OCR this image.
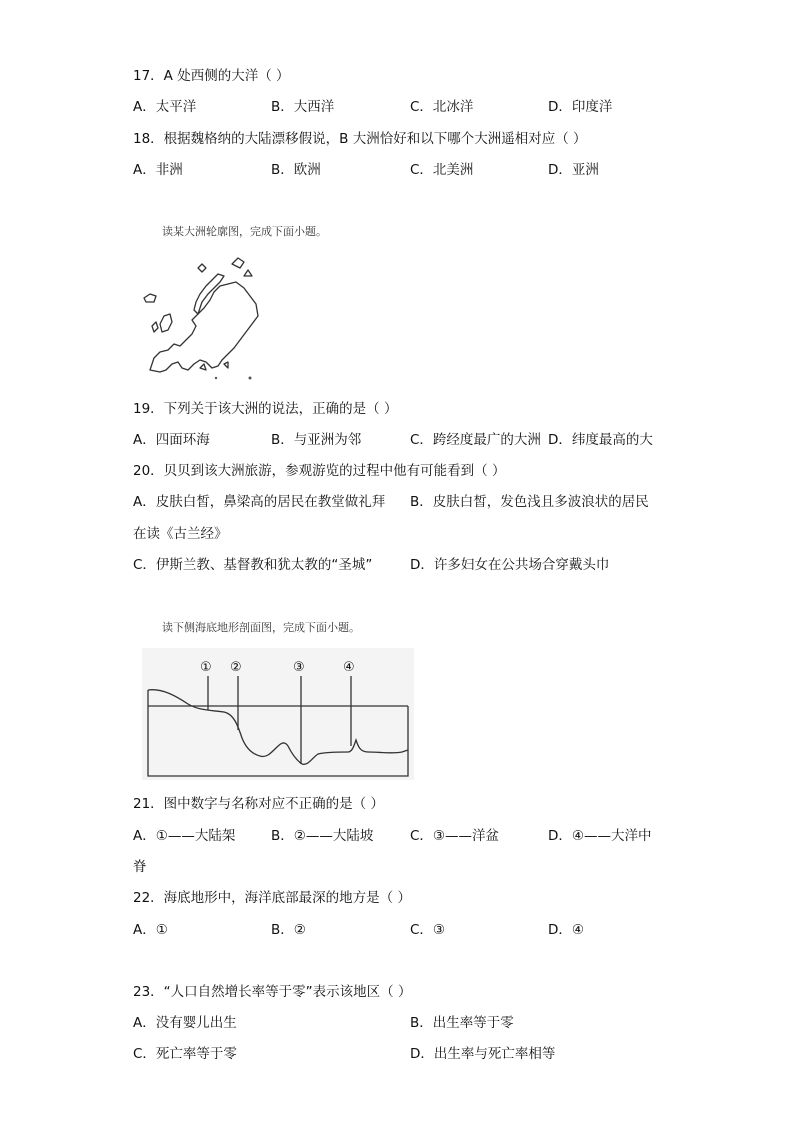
17．A 处西侧的大洋（ ）
A．太平洋	B．大西洋	C．北冰洋	D．印度洋
18．根据魏格纳的大陆漂移假说，B 大洲恰好和以下哪个大洲遥相对应（ ）
A．非洲	B．欧洲	C．北美洲	D．亚洲
读某大洲轮廓图，完成下面小题。
19．下列关于该大洲的说法，正确的是（ ）
A．四面环海	B．与亚洲为邻	C．跨经度最广的大洲 D．纬度最高的大
20．贝贝到该大洲旅游，参观游览的过程中他有可能看到（ ）
A．皮肤白皙，鼻梁高的居民在教堂做礼拜 B．皮肤白皙，发色浅且多波浪状的居民
在读《古兰经》
C．伊斯兰教、基督教和犹太教的“圣城”	D．许多妇女在公共场合穿戴头巾
读下侧海底地形剖面图，完成下面小题。
① ②	③	④
21．图中数字与名称对应不正确的是（ ）
A．①——大陆架	B．②——大陆坡	C．③——洋盆	D．④——大洋中
脊
22．海底地形中，海洋底部最深的地方是（ ）
A．①	B．②	C．③	D．④
23．“人口自然增长率等于零”表示该地区（ ）
A．没有婴儿出生	B．出生率等于零
C．死亡率等于零	D．出生率与死亡率相等
